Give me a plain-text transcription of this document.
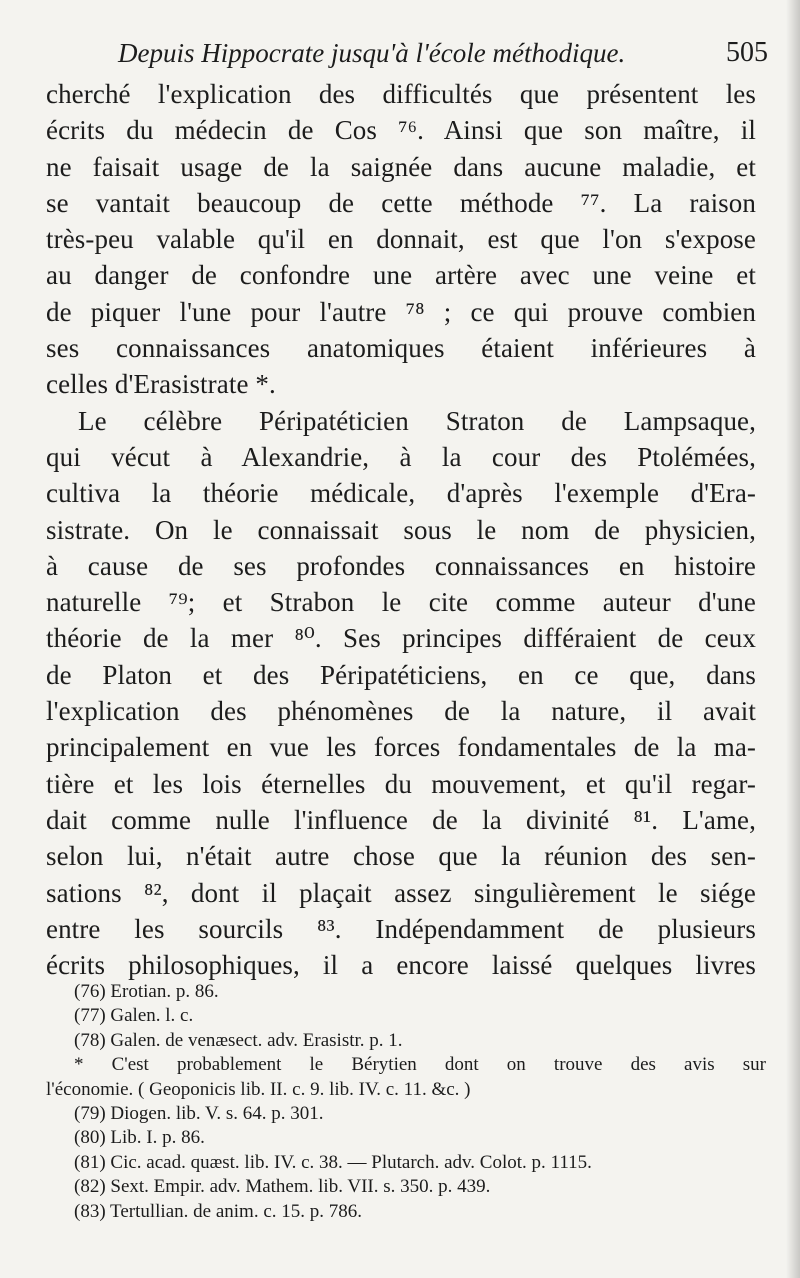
Depuis Hippocrate jusqu'à l'école méthodique.	505
cherché l'explication des difficultés que présentent les
écrits du médecin de Cos ⁷⁶. Ainsi que son maître, il
ne faisait usage de la saignée dans aucune maladie, et
se vantait beaucoup de cette méthode ⁷⁷. La raison
très-peu valable qu'il en donnait, est que l'on s'expose
au danger de confondre une artère avec une veine et
de piquer l'une pour l'autre ⁷⁸ ; ce qui prouve combien
ses connaissances anatomiques étaient inférieures à
celles d'Erasistrate *.
Le célèbre Péripatéticien Straton de Lampsaque,
qui vécut à Alexandrie, à la cour des Ptolémées,
cultiva la théorie médicale, d'après l'exemple d'Era-
sistrate. On le connaissait sous le nom de physicien,
à cause de ses profondes connaissances en histoire
naturelle ⁷⁹; et Strabon le cite comme auteur d'une
théorie de la mer ⁸⁰. Ses principes différaient de ceux
de Platon et des Péripatéticiens, en ce que, dans
l'explication des phénomènes de la nature, il avait
principalement en vue les forces fondamentales de la ma-
tière et les lois éternelles du mouvement, et qu'il regar-
dait comme nulle l'influence de la divinité ⁸¹. L'ame,
selon lui, n'était autre chose que la réunion des sen-
sations ⁸², dont il plaçait assez singulièrement le siége
entre les sourcils ⁸³. Indépendamment de plusieurs
écrits philosophiques, il a encore laissé quelques livres
(76) Erotian. p. 86.
(77) Galen. l. c.
(78) Galen. de venæsect. adv. Erasistr. p. 1.
* C'est probablement le Bérytien dont on trouve des avis sur
l'économie. ( Geoponicis lib. II. c. 9. lib. IV. c. 11. &c. )
(79) Diogen. lib. V. s. 64. p. 301.
(80) Lib. I. p. 86.
(81) Cic. acad. quæst. lib. IV. c. 38. — Plutarch. adv. Colot. p. 1115.
(82) Sext. Empir. adv. Mathem. lib. VII. s. 350. p. 439.
(83) Tertullian. de anim. c. 15. p. 786.
